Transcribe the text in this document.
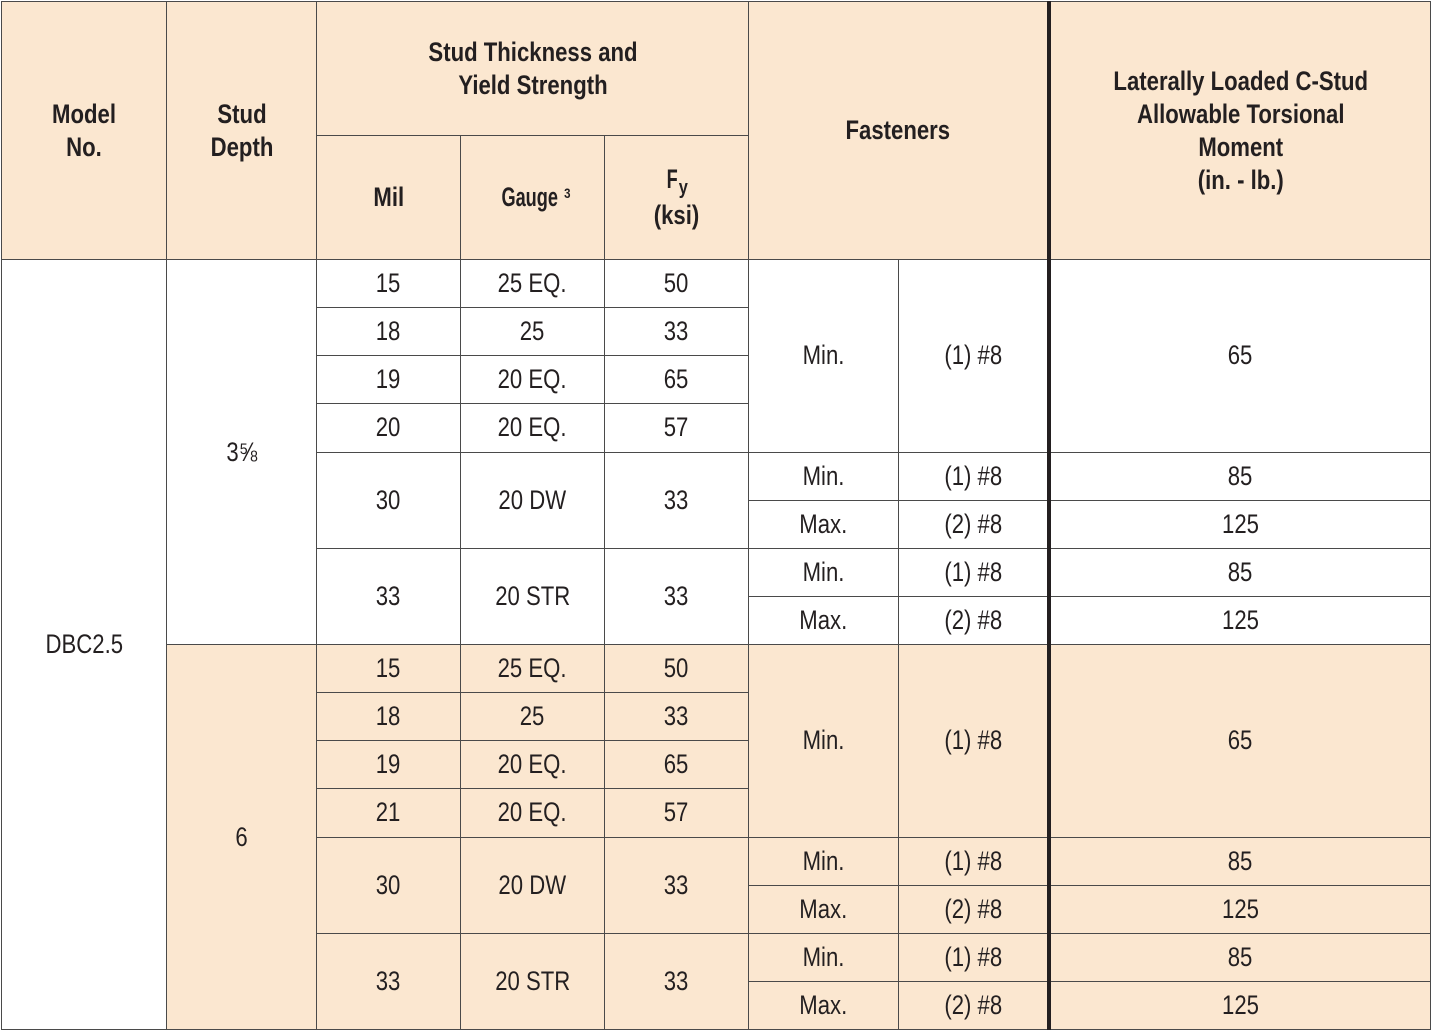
Model No.	Stud Depth	Stud Thickness and Yield Strength			Fasteners		Laterally Loaded C-Stud
Allowable Torsional
Moment
(in. - lb.)

		Mil	Gauge $^3$	$F_y$
(ksi)			

DBC2.5	3⅝	15	25 EQ.	50	Min.	(1) #8	65
		18	25	33			
		19	20 EQ.	65			
		20	20 EQ.	57			
		30	20 DW	33	Min.	(1) #8	85
					Max.	(2) #8	125
		33	20 STR	33	Min.	(1) #8	85
					Max.	(2) #8	125
	6	15	25 EQ.	50	Min.	(1) #8	65
		18	25	33			
		19	20 EQ.	65			
		21	20 EQ.	57			
		30	20 DW	33	Min.	(1) #8	85
					Max.	(2) #8	125
		33	20 STR	33	Min.	(1) #8	85
					Max.	(2) #8	125
